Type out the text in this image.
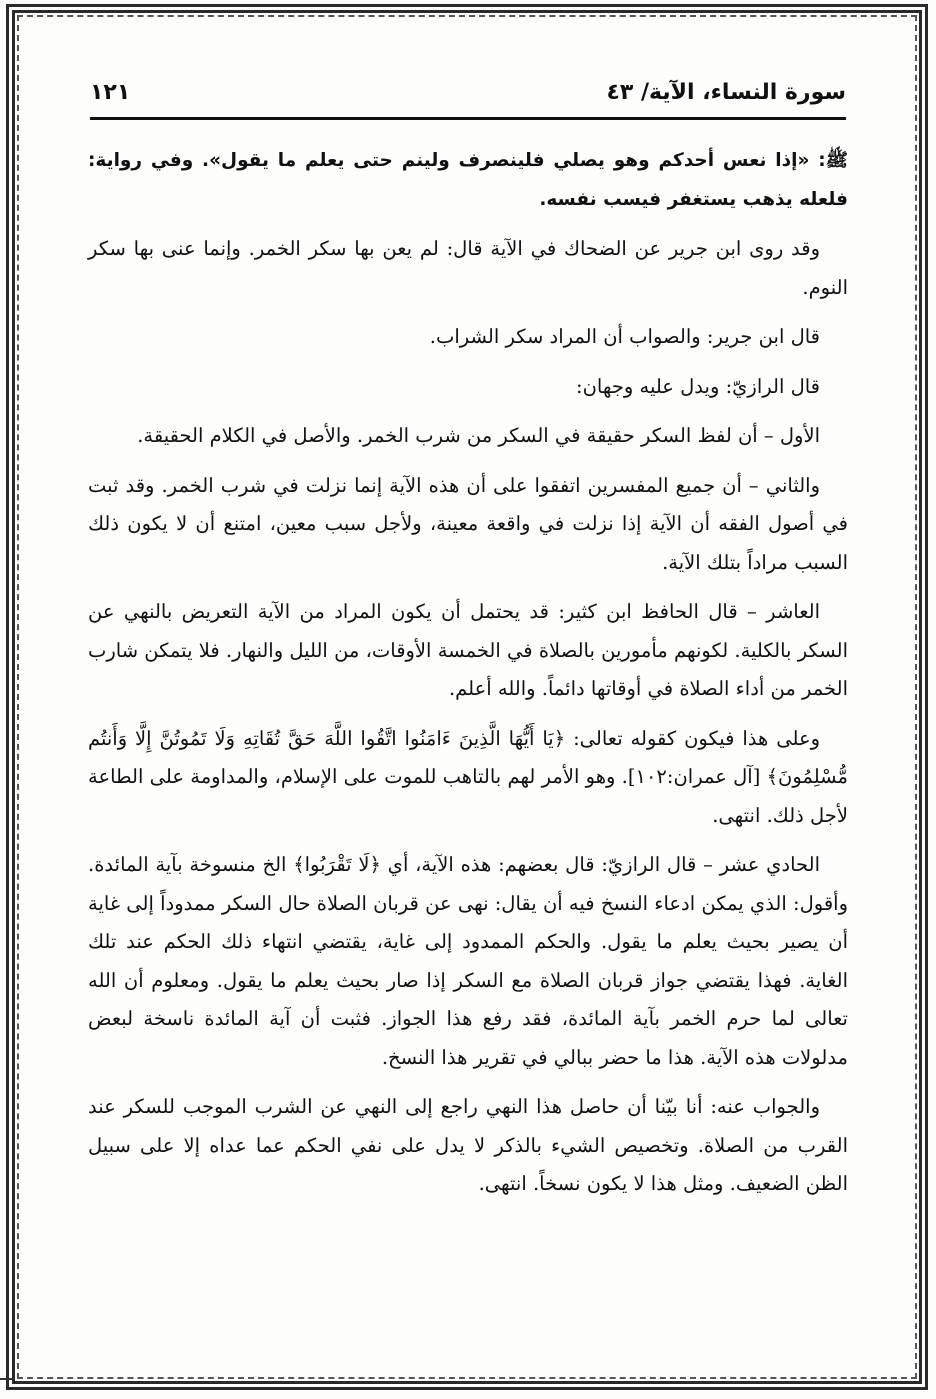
سورة النساء، الآية/ ٤٣
١٢١

ﷺ: «إذا نعس أحدكم وهو يصلي فلينصرف ولينم حتى يعلم ما يقول». وفي رواية: فلعله يذهب يستغفر فيسب نفسه.

وقد روى ابن جرير عن الضحاك في الآية قال: لم يعن بها سكر الخمر. وإنما عنى بها سكر النوم.

قال ابن جرير: والصواب أن المراد سكر الشراب.

قال الرازيّ: ويدل عليه وجهان:

الأول – أن لفظ السكر حقيقة في السكر من شرب الخمر. والأصل في الكلام الحقيقة.

والثاني – أن جميع المفسرين اتفقوا على أن هذه الآية إنما نزلت في شرب الخمر. وقد ثبت في أصول الفقه أن الآية إذا نزلت في واقعة معينة، ولأجل سبب معين، امتنع أن لا يكون ذلك السبب مراداً بتلك الآية.

العاشر – قال الحافظ ابن كثير: قد يحتمل أن يكون المراد من الآية التعريض بالنهي عن السكر بالكلية. لكونهم مأمورين بالصلاة في الخمسة الأوقات، من الليل والنهار. فلا يتمكن شارب الخمر من أداء الصلاة في أوقاتها دائماً. والله أعلم.

وعلى هذا فيكون كقوله تعالى: ﴿يَا أَيُّهَا الَّذِينَ ءَامَنُوا اتَّقُوا اللَّهَ حَقَّ تُقَاتِهِ وَلَا تَمُوتُنَّ إِلَّا وَأَنتُم مُّسْلِمُونَ﴾ [آل عمران:١٠٢]. وهو الأمر لهم بالتاهب للموت على الإسلام، والمداومة على الطاعة لأجل ذلك. انتهى.

الحادي عشر – قال الرازيّ: قال بعضهم: هذه الآية، أي ﴿لَا تَقْرَبُوا﴾ الخ منسوخة بآية المائدة. وأقول: الذي يمكن ادعاء النسخ فيه أن يقال: نهى عن قربان الصلاة حال السكر ممدوداً إلى غاية أن يصير بحيث يعلم ما يقول. والحكم الممدود إلى غاية، يقتضي انتهاء ذلك الحكم عند تلك الغاية. فهذا يقتضي جواز قربان الصلاة مع السكر إذا صار بحيث يعلم ما يقول. ومعلوم أن الله تعالى لما حرم الخمر بآية المائدة، فقد رفع هذا الجواز. فثبت أن آية المائدة ناسخة لبعض مدلولات هذه الآية. هذا ما حضر ببالي في تقرير هذا النسخ.

والجواب عنه: أنا بيّنا أن حاصل هذا النهي راجع إلى النهي عن الشرب الموجب للسكر عند القرب من الصلاة. وتخصيص الشيء بالذكر لا يدل على نفي الحكم عما عداه إلا على سبيل الظن الضعيف. ومثل هذا لا يكون نسخاً. انتهى.
